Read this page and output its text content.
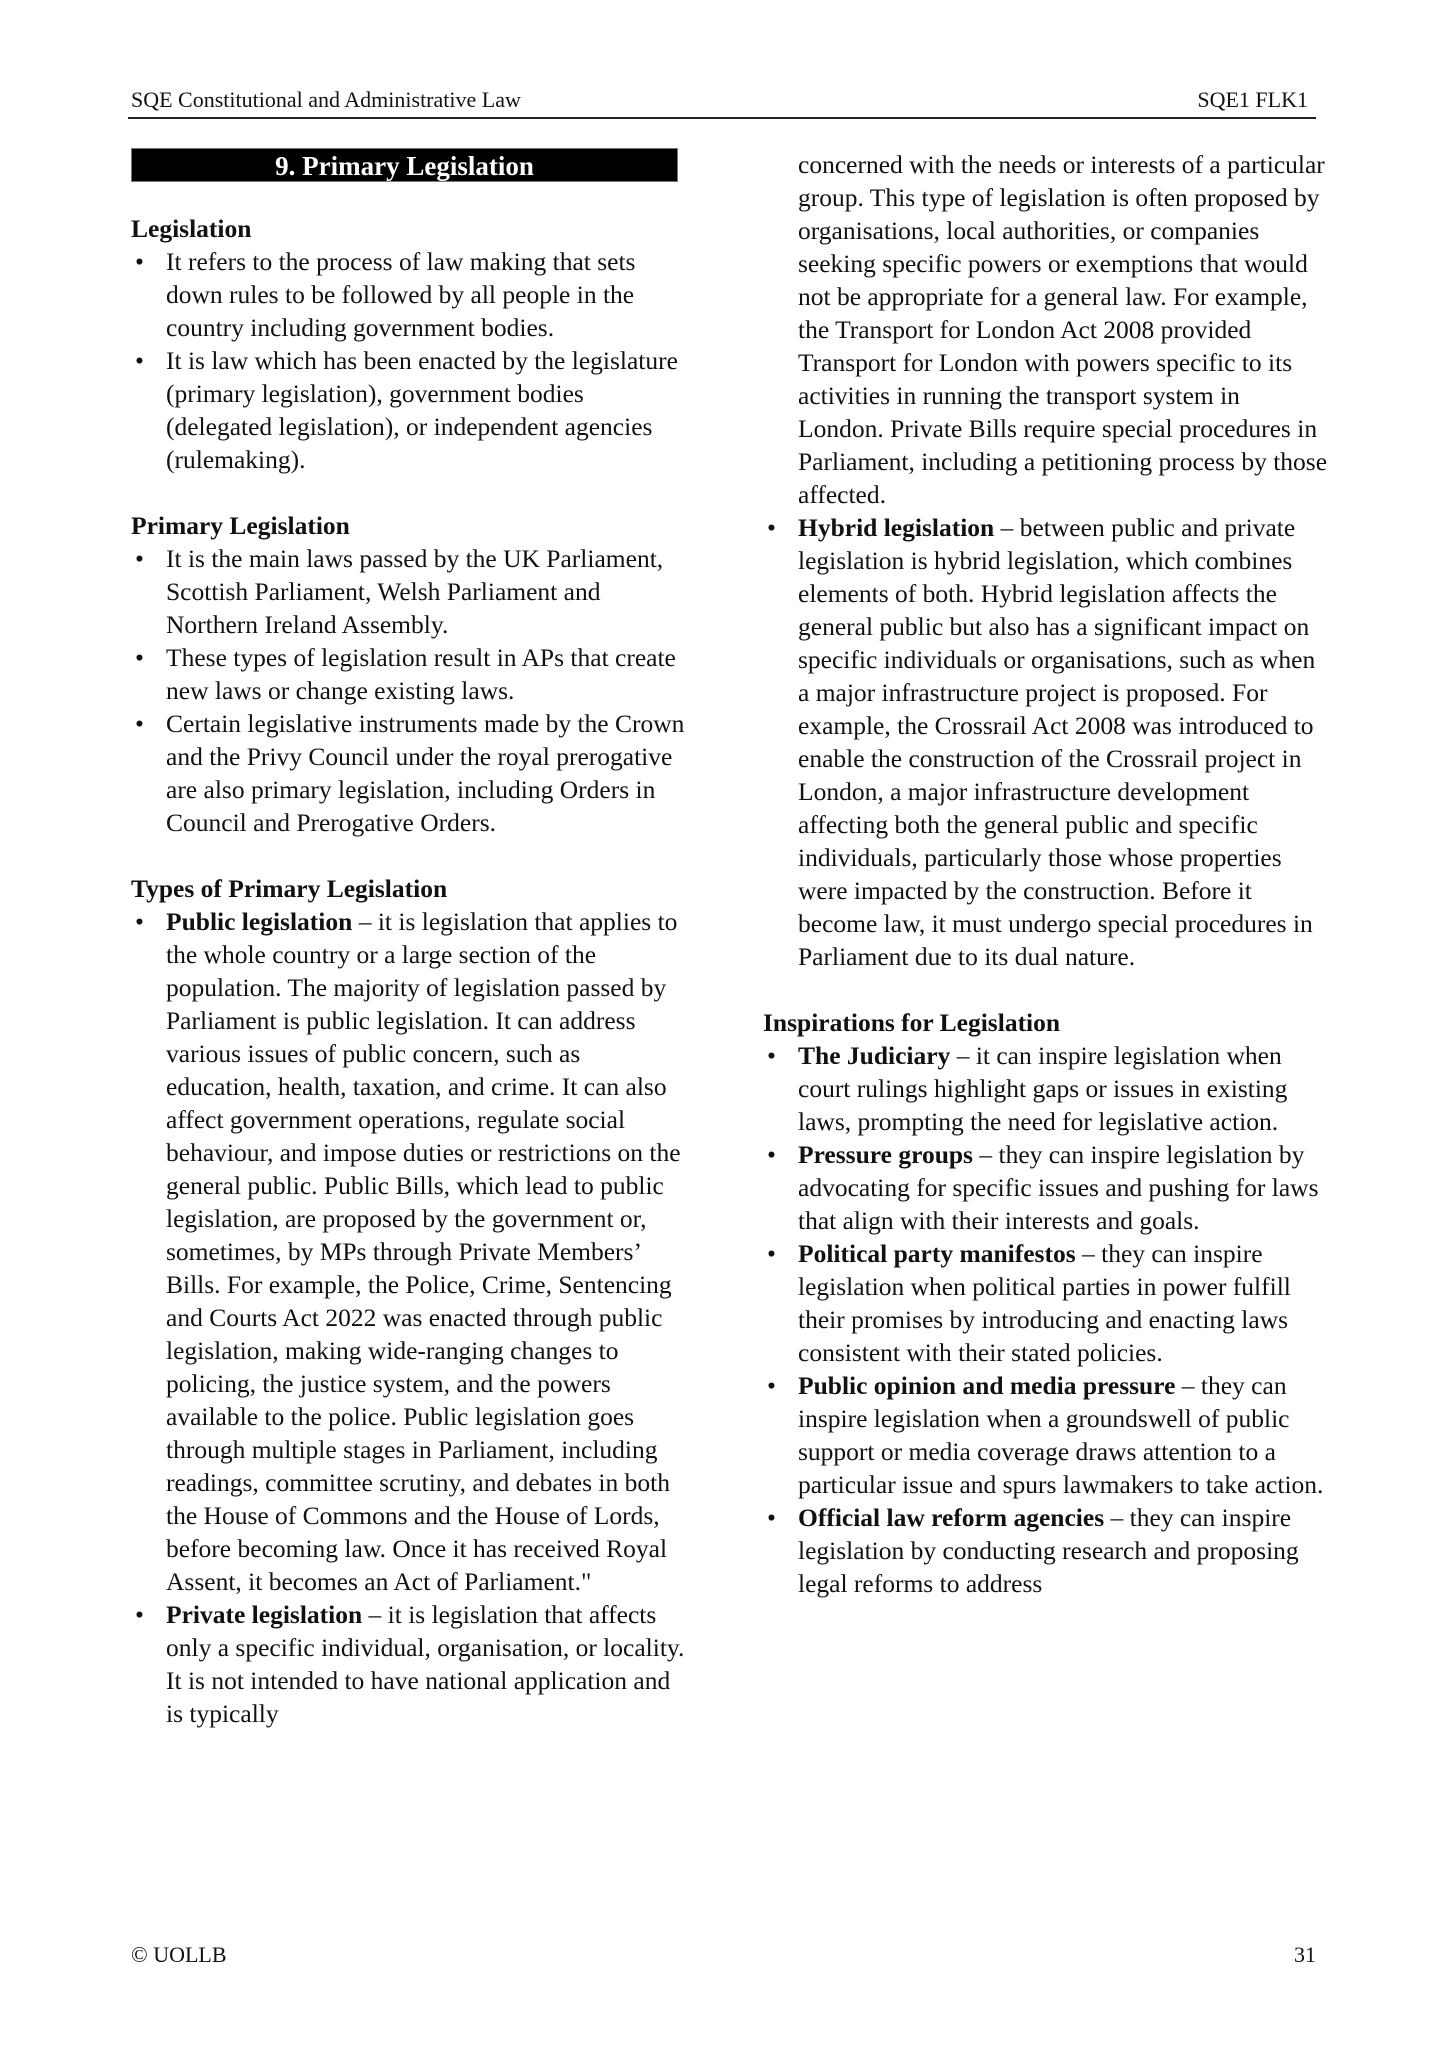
SQE Constitutional and Administrative Law	SQE1 FLK1
9. Primary Legislation
Legislation
• It refers to the process of law making that sets down rules to be followed by all people in the country including government bodies.
• It is law which has been enacted by the legislature (primary legislation), government bodies (delegated legislation), or independent agencies (rulemaking).
Primary Legislation
• It is the main laws passed by the UK Parliament, Scottish Parliament, Welsh Parliament and Northern Ireland Assembly.
• These types of legislation result in APs that create new laws or change existing laws.
• Certain legislative instruments made by the Crown and the Privy Council under the royal prerogative are also primary legislation, including Orders in Council and Prerogative Orders.
Types of Primary Legislation
• Public legislation – it is legislation that applies to the whole country or a large section of the population. The majority of legislation passed by Parliament is public legislation. It can address various issues of public concern, such as education, health, taxation, and crime. It can also affect government operations, regulate social behaviour, and impose duties or restrictions on the general public. Public Bills, which lead to public legislation, are proposed by the government or, sometimes, by MPs through Private Members’ Bills. For example, the Police, Crime, Sentencing and Courts Act 2022 was enacted through public legislation, making wide-ranging changes to policing, the justice system, and the powers available to the police. Public legislation goes through multiple stages in Parliament, including readings, committee scrutiny, and debates in both the House of Commons and the House of Lords, before becoming law. Once it has received Royal Assent, it becomes an Act of Parliament."
• Private legislation – it is legislation that affects only a specific individual, organisation, or locality. It is not intended to have national application and is typically
concerned with the needs or interests of a particular group. This type of legislation is often proposed by organisations, local authorities, or companies seeking specific powers or exemptions that would not be appropriate for a general law. For example, the Transport for London Act 2008 provided Transport for London with powers specific to its activities in running the transport system in London. Private Bills require special procedures in Parliament, including a petitioning process by those affected.
• Hybrid legislation – between public and private legislation is hybrid legislation, which combines elements of both. Hybrid legislation affects the general public but also has a significant impact on specific individuals or organisations, such as when a major infrastructure project is proposed. For example, the Crossrail Act 2008 was introduced to enable the construction of the Crossrail project in London, a major infrastructure development affecting both the general public and specific individuals, particularly those whose properties were impacted by the construction. Before it become law, it must undergo special procedures in Parliament due to its dual nature.
Inspirations for Legislation
• The Judiciary – it can inspire legislation when court rulings highlight gaps or issues in existing laws, prompting the need for legislative action.
• Pressure groups – they can inspire legislation by advocating for specific issues and pushing for laws that align with their interests and goals.
• Political party manifestos – they can inspire legislation when political parties in power fulfill their promises by introducing and enacting laws consistent with their stated policies.
• Public opinion and media pressure – they can inspire legislation when a groundswell of public support or media coverage draws attention to a particular issue and spurs lawmakers to take action.
• Official law reform agencies – they can inspire legislation by conducting research and proposing legal reforms to address
© UOLLB	31
